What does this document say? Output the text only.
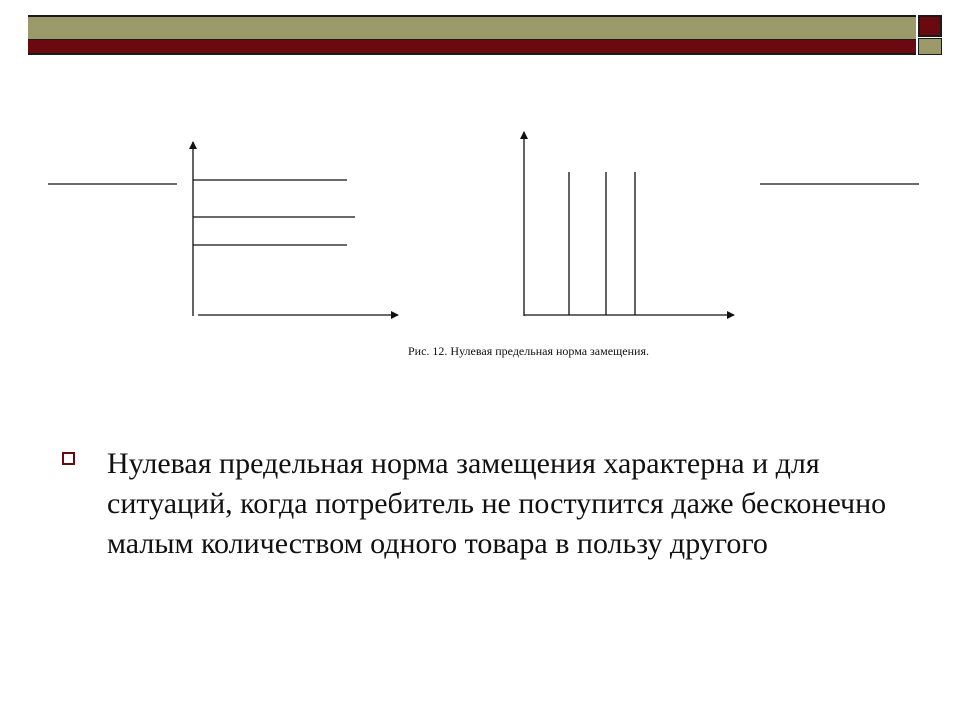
Рис. 12. Нулевая предельная норма замещения.
Нулевая предельная норма замещения характерна и для ситуаций, когда потребитель не поступится даже бесконечно малым количеством одного товара в пользу другого
